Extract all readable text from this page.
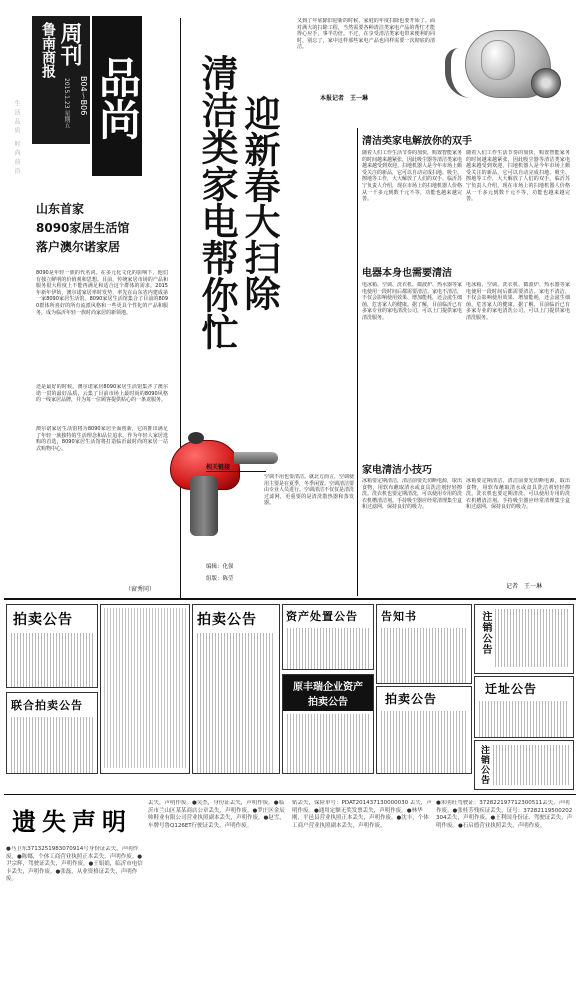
品尚
鲁南商报 周刊
B04～B06
2015.1.23 星期五
生活品质 时尚前沿	迎新春大扫除
清洁类家电帮你忙
山东首家
8090家居生活馆
落户澳尔诺家居
又到了年底除旧迎新的时候，家庭的年度扫除也要开始了。面对满大的扫除工程，当然需要各种清洁类家电产品的帮忙才能得心应手，事半功倍。不过，在享受清洁类家电带来便利的同时，别忘了，家中这样那些家电产品也同样需要一次彻底的清洁。
本报记者　王一琳
8090是年轻一族的代名词。在多元化文化的影响下，他们有独立鲜明的价值观和思想。目前，传统家居市场的产品和服务很大程度上不能再满足和适合这个群体的需求。2015年新年伊始，澳尔诺家居率时发势，率先在山东省内建成第一家8090家居生活馆。8090家居生活馆集合了目前的8090群体所喜好的所有流派风格和一些更具个性化的产品和服务，成为临沂年轻一族时尚家居的新领地。
还是最好的时候。澳尔诺家居8090家居生活馆集齐了澳尔诺一贯的最好品质，云集了目前市场上最时尚的8090风格的一线家居品牌，并为每一位顾客提供贴心的一条龙服务。
澳尔诺家居生活馆将为8090家居全面创新，它的推出满足了年轻一族独特的生活理念和品位追求。作为年轻人家居选购的首选，8090家居生活馆将打造临沂最时尚的家居一站式购物中心。
（窗秀同）
相关链接
空调不用也要清洁。就北方而言，空调使用主要是在夏季，冬季闲置。空调清洁要由专业人员进行。空调清洁不仅仅是清洗过滤网，更重要的是清洗散热器和蒸发器。
编辑：化强
组版：陈莹
清洁类家电解放你的双手
随着人们工作生活节奏的加快，购置智能家务的时间越来越紧张，因此吸尘器等清洁类家电越来越受到欢迎。扫地机器人是今年市场上颇受关注的新品，它可以自动完成扫地、吸尘、擦地等工作，大大解放了人们的双手。临沂苏宁负责人介绍，现在市场上的扫地机器人价格从一千多元到数千元不等，功能也越来越完善。
随着人们工作生活节奏的加快，购置智能家务的时间越来越紧张，因此吸尘器等清洁类家电越来越受到欢迎。扫地机器人是今年市场上颇受关注的新品，它可以自动完成扫地、吸尘、擦地等工作，大大解放了人们的双手。临沂苏宁负责人介绍，现在市场上的扫地机器人价格从一千多元到数千元不等，功能也越来越完善。
电器本身也需要清洁
电冰箱、空调、洗衣机、微波炉、热水器等家电使用一段时间后都需要清洁。家电不清洁，不仅会影响使用效果、增加能耗，还会滋生细菌，危害家人的健康。据了解，目前临沂已有多家专业的家电清洗公司，可以上门提供家电清洗服务。
电冰箱、空调、洗衣机、微波炉、热水器等家电使用一段时间后都需要清洁。家电不清洁，不仅会影响使用效果、增加能耗，还会滋生细菌，危害家人的健康。据了解，目前临沂已有多家专业的家电清洗公司，可以上门提供家电清洗服务。
家电清洁小技巧
冰箱要定期清洁，清洁前要先切断电源，取出食物，用软布蘸取清水或食具洗洁剂轻轻擦洗。洗衣机也要定期清洗，可以使用专用的洗衣机槽清洁剂。手持吸尘器应经常清理集尘盒和过滤网，保持良好的吸力。
冰箱要定期清洁，清洁前要先切断电源，取出食物，用软布蘸取清水或食具洗洁剂轻轻擦洗。洗衣机也要定期清洗，可以使用专用的洗衣机槽清洁剂。手持吸尘器应经常清理集尘盒和过滤网，保持良好的吸力。
记者　王一琳
拍卖公告
联合拍卖公告
拍卖公告	资产处置公告
原丰瑞企业资产
拍卖公告
告知书
拍卖公告
注销公告
迁址公告
注销公告
遗失声明
●马卫东3713251983070914号身份证丢失，声明作废。●陈娜，个体工商营业执照正本丢失，声明作废。●尹宗辉，驾驶证丢失，声明作废。●王娟娟，临沂市电信卡丢失，声明作废。●张磊，从业资格证丢失，声明作废。
丢失，声明作废。●吴杰，身份证丢失，声明作废。●临沂市兰山区某某商店公章丢失，声明作废。●罗庄区金辰帅鞋业有限公司营业执照副本丢失，声明作废。●赵雪，车牌号鲁Q126ET行驶证丢失，声明作废。
贴丢失，保险单号：PDAT201437130000030 丢失，声明作废。●通用定额无奖发票丢失，声明作废。●林华刚，平邑县营业执照正本丢失，声明作废。●沈丰，个体工商户营业执照副本丢失，声明作废。
●朱明旺驾驶证：372822197712300511丢失，声明作废。●张桂芳残疾证丢失，证号：37282119500202304丢失，声明作废。●王利国身份证、驾驶证丢失，声明作废。●石启德营业执照丢失，声明作废。
